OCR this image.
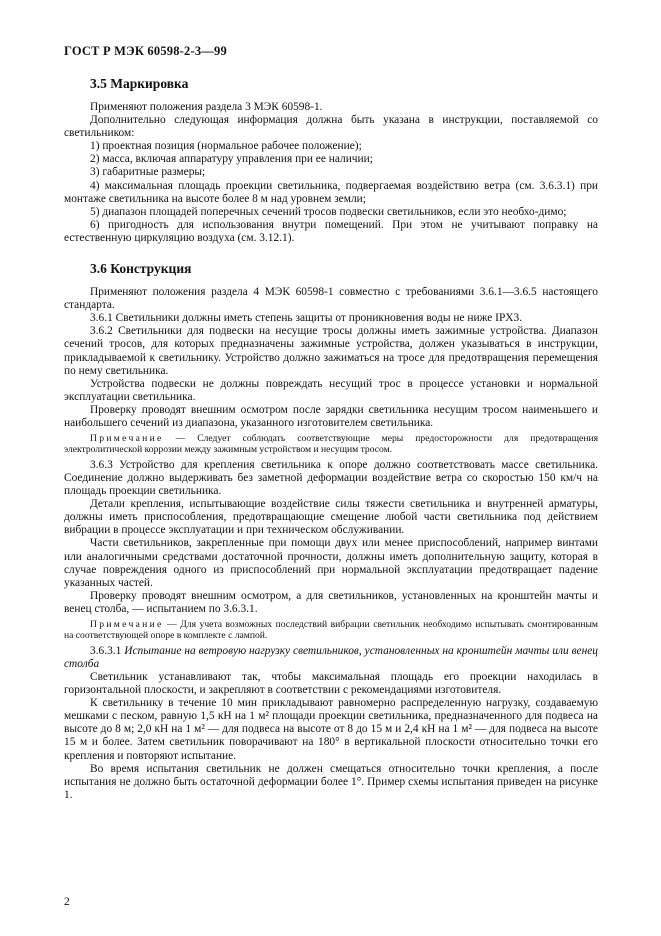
ГОСТ Р МЭК 60598-2-3—99
3.5 Маркировка

Применяют положения раздела 3 МЭК 60598-1.

Дополнительно следующая информация должна быть указана в инструкции, поставляемой со светильником:

1) проектная позиция (нормальное рабочее положение);

2) масса, включая аппаратуру управления при ее наличии;

3) габаритные размеры;

4) максимальная площадь проекции светильника, подвергаемая воздействию ветра (см. 3.6.3.1) при монтаже светильника на высоте более 8 м над уровнем земли;

5) диапазон площадей поперечных сечений тросов подвески светильников, если это необхо-димо;

6) пригодность для использования внутри помещений. При этом не учитывают поправку на естественную циркуляцию воздуха (см. 3.12.1).

3.6 Конструкция

Применяют положения раздела 4 МЭК 60598-1 совместно с требованиями 3.6.1—3.6.5 настоящего стандарта.

3.6.1 Светильники должны иметь степень защиты от проникновения воды не ниже IPX3.

3.6.2 Светильники для подвески на несущие тросы должны иметь зажимные устройства. Диапазон сечений тросов, для которых предназначены зажимные устройства, должен указываться в инструкции, прикладываемой к светильнику. Устройство должно зажиматься на тросе для предотвращения перемещения по нему светильника.

Устройства подвески не должны повреждать несущий трос в процессе установки и нормальной эксплуатации светильника.

Проверку проводят внешним осмотром после зарядки светильника несущим тросом наименьшего и наибольшего сечений из диапазона, указанного изготовителем светильника.

Примечание — Следует соблюдать соответствующие меры предосторожности для предотвращения электролитической коррозии между зажимным устройством и несущим тросом.

3.6.3 Устройство для крепления светильника к опоре должно соответствовать массе светильника. Соединение должно выдерживать без заметной деформации воздействие ветра со скоростью 150 км/ч на площадь проекции светильника.

Детали крепления, испытывающие воздействие силы тяжести светильника и внутренней арматуры, должны иметь приспособления, предотвращающие смещение любой части светильника под действием вибрации в процессе эксплуатации и при техническом обслуживании.

Части светильников, закрепленные при помощи двух или менее приспособлений, например винтами или аналогичными средствами достаточной прочности, должны иметь дополнительную защиту, которая в случае повреждения одного из приспособлений при нормальной эксплуатации предотвращает падение указанных частей.

Проверку проводят внешним осмотром, а для светильников, установленных на кронштейн мачты и венец столба, — испытанием по 3.6.3.1.

Примечание — Для учета возможных последствий вибрации светильник необходимо испытывать смонтированным на соответствующей опоре в комплекте с лампой.

3.6.3.1 Испытание на ветровую нагрузку светильников, установленных на кронштейн мачты или венец столба

Светильник устанавливают так, чтобы максимальная площадь его проекции находилась в горизонтальной плоскости, и закрепляют в соответствии с рекомендациями изготовителя.

К светильнику в течение 10 мин прикладывают равномерно распределенную нагрузку, создаваемую мешками с песком, равную 1,5 кН на 1 м² площади проекции светильника, предназначенного для подвеса на высоте до 8 м; 2,0 кН на 1 м² — для подвеса на высоте от 8 до 15 м и 2,4 кН на 1 м² — для подвеса на высоте 15 м и более. Затем светильник поворачивают на 180° в вертикальной плоскости относительно точки его крепления и повторяют испытание.

Во время испытания светильник не должен смещаться относительно точки крепления, а после испытания не должно быть остаточной деформации более 1°. Пример схемы испытания приведен на рисунке 1.

2
